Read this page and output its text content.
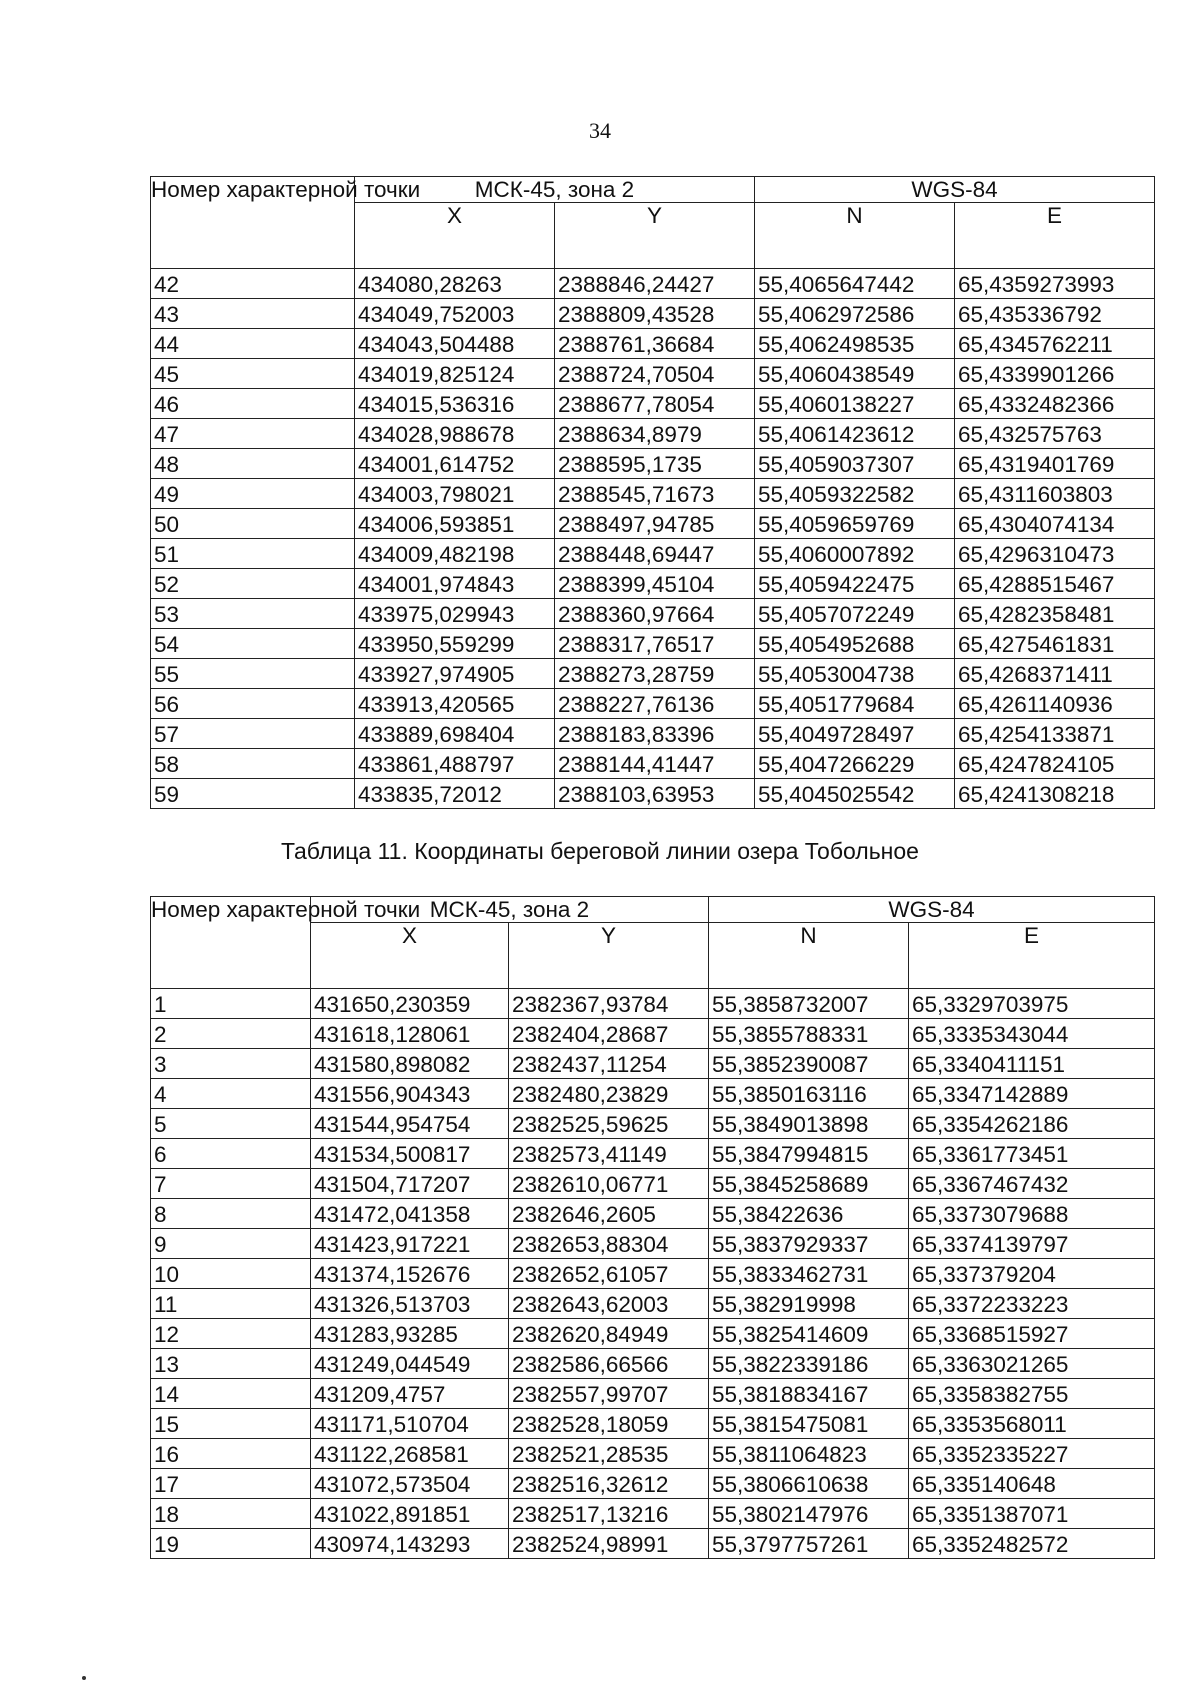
34
Номер характерной точки	МСК-45, зона 2		WGS-84	
	X	Y	N	E
42	434080,28263	2388846,24427	55,4065647442	65,4359273993
43	434049,752003	2388809,43528	55,4062972586	65,435336792
44	434043,504488	2388761,36684	55,4062498535	65,4345762211
45	434019,825124	2388724,70504	55,4060438549	65,4339901266
46	434015,536316	2388677,78054	55,4060138227	65,4332482366
47	434028,988678	2388634,8979	55,4061423612	65,432575763
48	434001,614752	2388595,1735	55,4059037307	65,4319401769
49	434003,798021	2388545,71673	55,4059322582	65,4311603803
50	434006,593851	2388497,94785	55,4059659769	65,4304074134
51	434009,482198	2388448,69447	55,4060007892	65,4296310473
52	434001,974843	2388399,45104	55,4059422475	65,4288515467
53	433975,029943	2388360,97664	55,4057072249	65,4282358481
54	433950,559299	2388317,76517	55,4054952688	65,4275461831
55	433927,974905	2388273,28759	55,4053004738	65,4268371411
56	433913,420565	2388227,76136	55,4051779684	65,4261140936
57	433889,698404	2388183,83396	55,4049728497	65,4254133871
58	433861,488797	2388144,41447	55,4047266229	65,4247824105
59	433835,72012	2388103,63953	55,4045025542	65,4241308218
Таблица 11. Координаты береговой линии озера Тобольное
Номер характерной точки	МСК-45, зона 2		WGS-84	
	X	Y	N	E
1	431650,230359	2382367,93784	55,3858732007	65,3329703975
2	431618,128061	2382404,28687	55,3855788331	65,3335343044
3	431580,898082	2382437,11254	55,3852390087	65,3340411151
4	431556,904343	2382480,23829	55,3850163116	65,3347142889
5	431544,954754	2382525,59625	55,3849013898	65,3354262186
6	431534,500817	2382573,41149	55,3847994815	65,3361773451
7	431504,717207	2382610,06771	55,3845258689	65,3367467432
8	431472,041358	2382646,2605	55,38422636	65,3373079688
9	431423,917221	2382653,88304	55,3837929337	65,3374139797
10	431374,152676	2382652,61057	55,3833462731	65,337379204
11	431326,513703	2382643,62003	55,382919998	65,3372233223
12	431283,93285	2382620,84949	55,3825414609	65,3368515927
13	431249,044549	2382586,66566	55,3822339186	65,3363021265
14	431209,4757	2382557,99707	55,3818834167	65,3358382755
15	431171,510704	2382528,18059	55,3815475081	65,3353568011
16	431122,268581	2382521,28535	55,3811064823	65,3352335227
17	431072,573504	2382516,32612	55,3806610638	65,335140648
18	431022,891851	2382517,13216	55,3802147976	65,3351387071
19	430974,143293	2382524,98991	55,3797757261	65,3352482572
